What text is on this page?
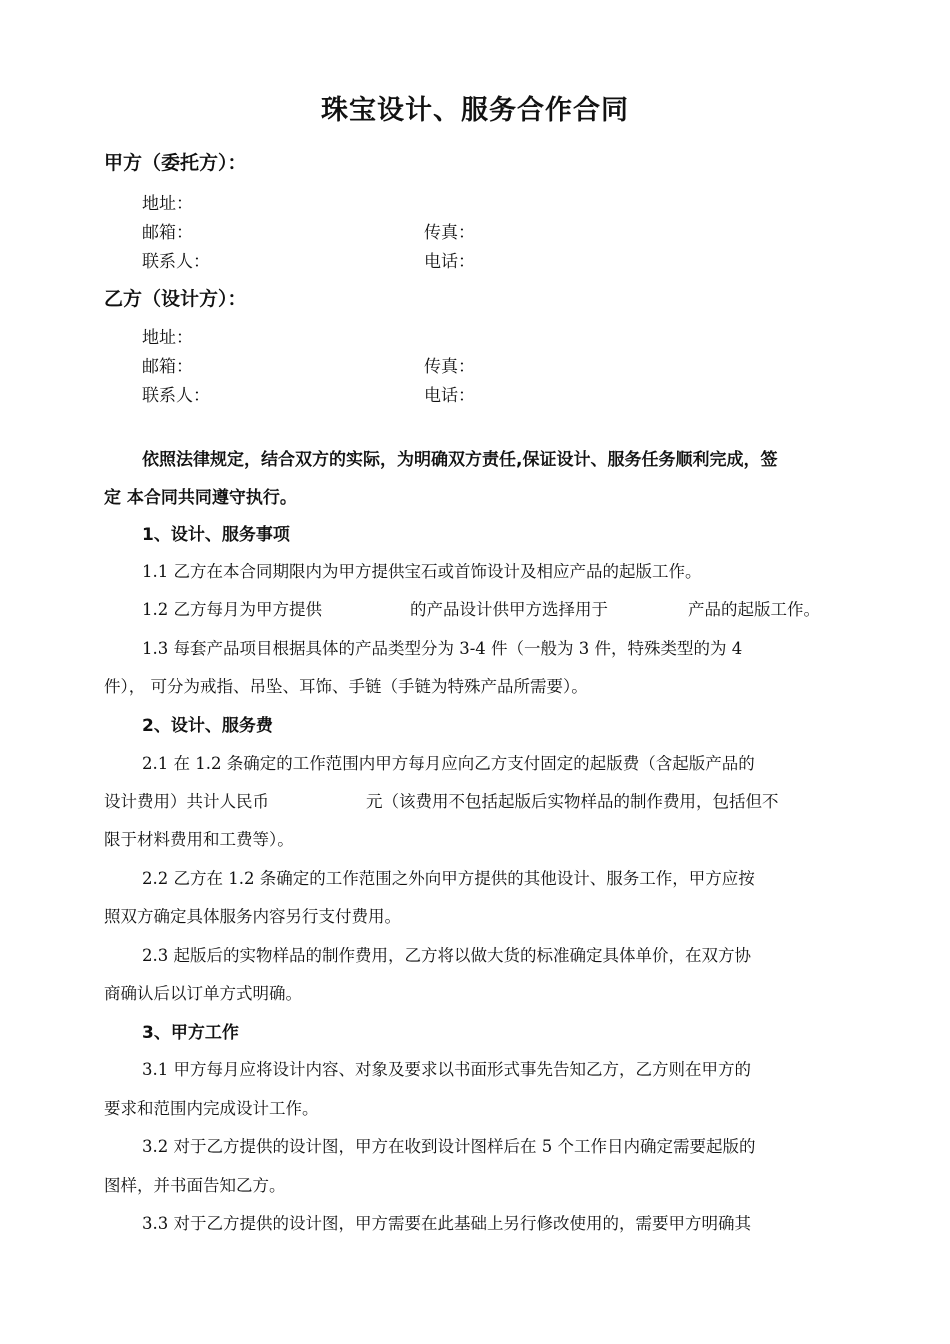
珠宝设计、服务合作合同
甲方（委托方）：
地址：
邮箱：	传真：
联系人：	电话：
乙方（设计方）：
地址：
邮箱：	传真：
联系人：	电话：
依照法律规定，结合双方的实际，为明确双方责任,保证设计、服务任务顺利完成，签
定 本合同共同遵守执行。
1、设计、服务事项
1.1 乙方在本合同期限内为甲方提供宝石或首饰设计及相应产品的起版工作。
1.2 乙方每月为甲方提供	的产品设计供甲方选择用于	产品的起版工作。
1.3 每套产品项目根据具体的产品类型分为 3-4 件（一般为 3 件，特殊类型的为 4
件）， 可分为戒指、吊坠、耳饰、手链（手链为特殊产品所需要）。
2、设计、服务费
2.1 在 1.2 条确定的工作范围内甲方每月应向乙方支付固定的起版费（含起版产品的
设计费用）共计人民币	元（该费用不包括起版后实物样品的制作费用，包括但不
限于材料费用和工费等）。
2.2 乙方在 1.2 条确定的工作范围之外向甲方提供的其他设计、服务工作，甲方应按
照双方确定具体服务内容另行支付费用。
2.3 起版后的实物样品的制作费用，乙方将以做大货的标准确定具体单价，在双方协
商确认后以订单方式明确。
3、甲方工作
3.1 甲方每月应将设计内容、对象及要求以书面形式事先告知乙方，乙方则在甲方的
要求和范围内完成设计工作。
3.2 对于乙方提供的设计图，甲方在收到设计图样后在 5 个工作日内确定需要起版的
图样，并书面告知乙方。
3.3 对于乙方提供的设计图，甲方需要在此基础上另行修改使用的，需要甲方明确其
